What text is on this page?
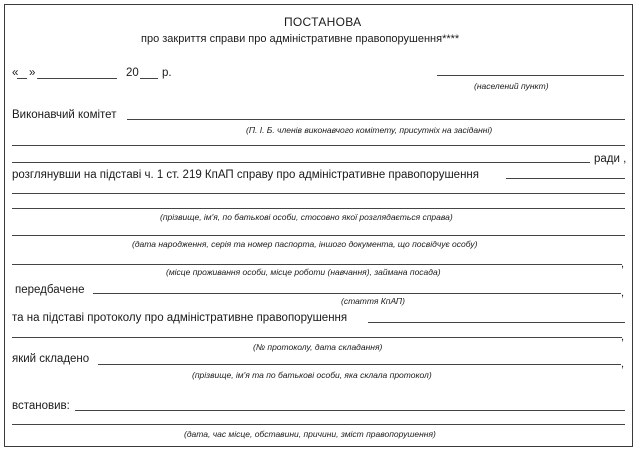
ПОСТАНОВА
про закриття справи про адміністративне правопорушення****
« »	20 р.
(населений пункт)
Виконавчий комітет
(П. І. Б. членів виконавчого комітету, присутніх на засіданні)
ради ,
розглянувши на підставі ч. 1 ст. 219 КпАП справу про адміністративне правопорушення
(прізвище, ім'я, по батькові особи, стосовно якої розглядається справа)
(дата народження, серія та номер паспорта, іншого документа, що посвідчує особу)
,
(місце проживання особи, місце роботи (навчання), займана посада)
передбачене	,
(стаття КпАП)
та на підставі протоколу про адміністративне правопорушення
,
(№ протоколу, дата складання)
який складено	,
(прізвище, ім'я та по батькові особи, яка склала протокол)
встановив:
(дата, час місце, обставини, причини, зміст правопорушення)
